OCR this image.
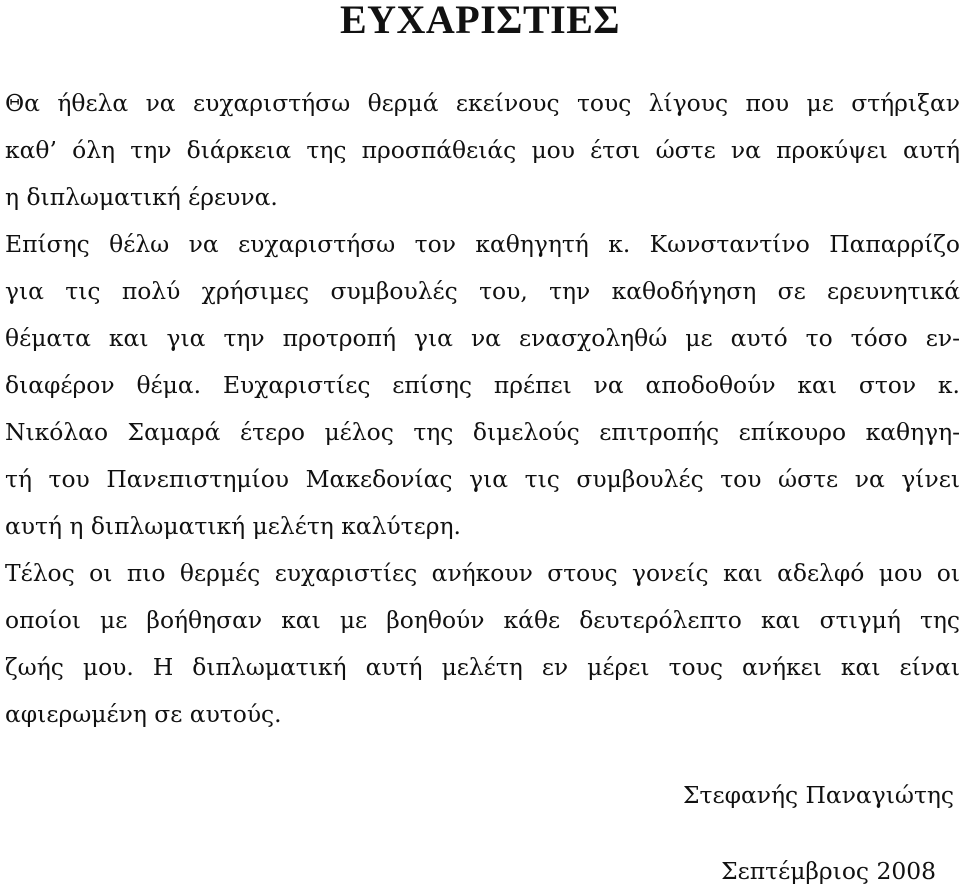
ΕΥΧΑΡΙΣΤΙΕΣ
Θα ήθελα να ευχαριστήσω θερμά εκείνους τους λίγους που με στήριξαν
καθ’ όλη την διάρκεια της προσπάθειάς μου έτσι ώστε να προκύψει αυτή
η διπλωματική έρευνα.
Επίσης θέλω να ευχαριστήσω τον καθηγητή κ. Κωνσταντίνο Παπαρρίζο
για τις πολύ χρήσιμες συμβουλές του, την καθοδήγηση σε ερευνητικά
θέματα και για την προτροπή για να ενασχοληθώ με αυτό το τόσο εν-
διαφέρον θέμα. Ευχαριστίες επίσης πρέπει να αποδοθούν και στον κ.
Νικόλαο Σαμαρά έτερο μέλος της διμελούς επιτροπής επίκουρο καθηγη-
τή του Πανεπιστημίου Μακεδονίας για τις συμβουλές του ώστε να γίνει
αυτή η διπλωματική μελέτη καλύτερη.
Τέλος οι πιο θερμές ευχαριστίες ανήκουν στους γονείς και αδελφό μου οι
οποίοι με βοήθησαν και με βοηθούν κάθε δευτερόλεπτο και στιγμή της
ζωής μου. Η διπλωματική αυτή μελέτη εν μέρει τους ανήκει και είναι
αφιερωμένη σε αυτούς.
Στεφανής Παναγιώτης
Σεπτέμβριος 2008
